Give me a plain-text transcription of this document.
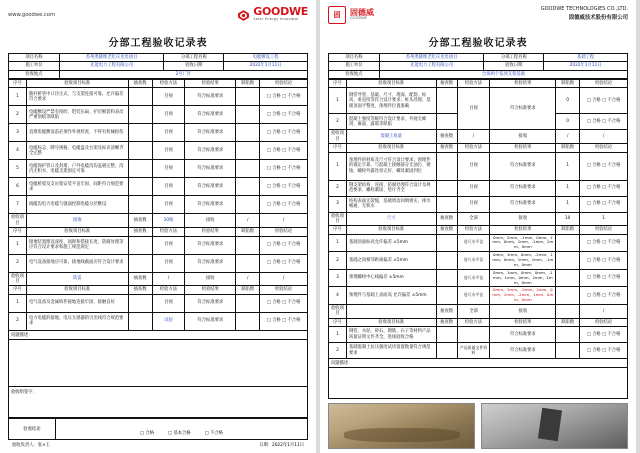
www.goodwe.com	GOODWE
Solar Energy Innovator
分部工程验收记录表
项目名称	苏州奥隆维老化庆龙电项目	分部工程名称	电缆敷设工程
施工单位	先能电力工程有限公司	验收日期	2022年1月11日
验收地点	2号厂区		
序号	验收项目标准	抽查数	检验方法	检验结果	缺陷数	检验结论
1	随杆桥管中口径正式、与支架连接可靠，允许偏差符合要求		目视	符合标准要求		□ 合格 □ 不合格
2	电缆敷设严禁有扭绞、铠装压扁、护层断裂和表皮严重划痕等缺陷		目视	符合标准要求		□ 合格 □ 不合格
3	直埋电缆敷设前必须作外观检查，不得有机械损伤		目视	符合标准要求		□ 合格 □ 不合格
4	电缆标志、牌号规格、电缆盘及台架及标识清晰齐全完整		目视	符合标准要求		□ 合格 □ 不合格
5	电缆保护管口及封堵、户外电缆沟沟盖板完整、沟内无积水、电缆支架固定可靠		目视	符合标准要求		□ 合格 □ 不合格
6	电缆桥架及支吊架安装平直牢固、间距符合规范要求		目视	符合标准要求		□ 合格 □ 不合格
7	线缆沟电力电缆与强弱控制电缆分层敷设		目视	符合标准要求		□ 合格 □ 不合格
验收项目	接地	抽查数	10根	接收	/	/
序号	验收项目标准	抽查数	检验方法	检验结果	缺陷数	检验结论
1	接地装置埋设深度、间距和搭接长度、防腐处理等应符合设计要求和施工规范规定		目视	符合标准要求		□ 合格 □ 不合格
2	电气设备接地应可靠，接地线截面应符合设计要求		目视	符合标准要求		□ 合格 □ 不合格
验收项目	防雷	抽查数	/	接收	/	/
序号	验收项目标准	抽查数	检验方法	检验结果	缺陷数	检验结论
1	电气设备及金属构件接地连接牢固、接触良好		目视	符合标准要求		□ 合格 □ 不合格
2	电力电缆的接地、电压互感器的引出线符合规范要求		试验	符合标准要求		□ 合格 □ 不合格
问题描述：
验收组签字：
验收结论
□ 合格	□ 基本合格	□ 不合格
验收负责人：张×王	日期：2022年1月11日
固 固德威
GOODWE
GOODWE TECHNOLOGIES CO.,LTD.
固德威技术股份有限公司
分部工程验收记录表
项目名称	苏州奥隆维老化庆龙电项目	分部工程名称	基础工程
施工单位	先能电力工程有限公司	验收日期	2022年1月11日
验收地点	全场两个基项支架基础		
序号	验收项目标准	抽查数	检验方法	检验结果	缺陷数	检验结论
1	钢管导管、基础、尺寸、埋深、配筋、标高、垂直度等符合设计要求；桩头处理、基础顶面平整度、预埋件位置准确		目视	符合标准要求	0	□ 合格 □ 不合格
2	混凝土强度等级符合设计要求，外观无蜂窝、麻面、露筋等缺陷				0	□ 合格 □ 不合格
验收项目	混凝土质量	抽查数	/	接收	/	/
序号	验收项目标准	抽查数	检验方法	检验结果	缺陷数	检验结论
1	预埋件的材质及尺寸符合设计要求；预埋件的锚定牢靠，与混凝土接触部分无油污、锈蚀，螺栓外露丝扣完好、螺母紧固到位		目视	符合标准要求	1	□ 合格 □ 不合格
2	钢支架结构、连接、防腐处理符合设计及规范要求，螺栓紧固、垫片齐全		目视	符合标准要求	1	□ 合格 □ 不合格
3	结构表面无裂缝，基础周边回填密实，排水畅通，无积水		目视	符合标准要求	1	□ 合格 □ 不合格
验收项目	尺寸	抽查数	全部	接收	10	1
序号	验收项目标准	抽查数	检验方法	检验结果	缺陷数	检验结论
1	基础顶面标高允许偏差 ±5mm		卷尺水平仪	0mm、2mm、-1mm、0mm、1mm、0mm、1mm、-1mm、2mm、0mm		□ 合格 □ 不合格
2	基础之间相邻距离偏差 ±5mm		卷尺水平仪	0mm、1mm、0mm、-2mm、1mm、0mm、1mm、1mm、-1mm、0mm		□ 合格 □ 不合格
3	预埋螺栓中心线偏差 ±5mm		卷尺水平仪	0mm、1mm、0mm、0mm、-1mm、1mm、0mm、2mm、1mm、0mm		□ 合格 □ 不合格
4	预埋件与基础上表面高 允许偏差 ±5mm		卷尺水平仪	0mm、1mm、-5mm、2mm、0mm、1mm、-2mm、1mm、0mm、0mm		□ 合格 □ 不合格
验收项目		抽查数	全部	接收		/
序号	验收项目标准	抽查数	检验方法	检验结果	缺陷数	检验结论
1	钢管、水泥、砂石、钢筋、石子等材料产品质量证明文件齐全，进场验收合格			符合标准要求		□ 合格 □ 不合格
2	基础混凝土抗压强度试块留置数量符合规范要求		产品质量文件资料	符合标准要求		□ 合格 □ 不合格
问题描述：
